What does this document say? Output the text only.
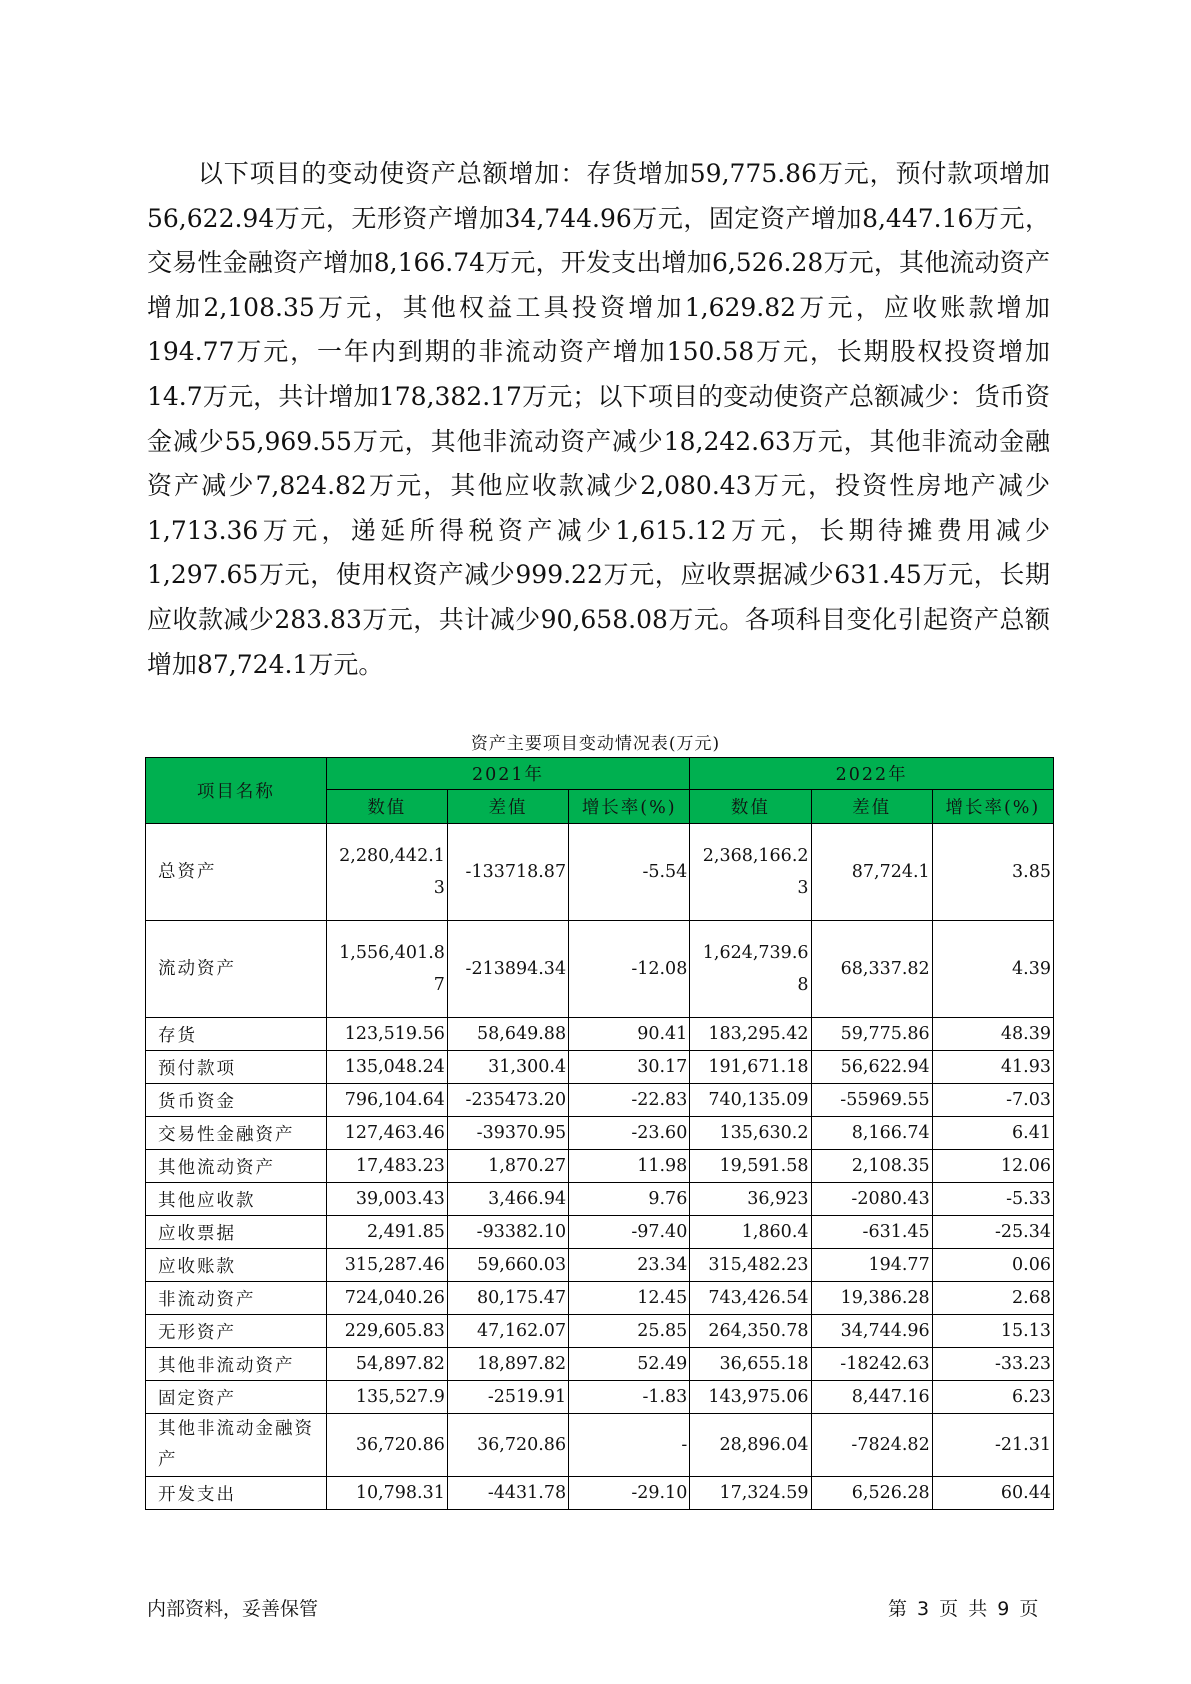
以下项目的变动使资产总额增加：存货增加59,775.86万元，预付款项增加56,622.94万元，无形资产增加34,744.96万元，固定资产增加8,447.16万元，交易性金融资产增加8,166.74万元，开发支出增加6,526.28万元，其他流动资产增加2,108.35万元，其他权益工具投资增加1,629.82万元，应收账款增加194.77万元，一年内到期的非流动资产增加150.58万元，长期股权投资增加14.7万元，共计增加178,382.17万元；以下项目的变动使资产总额减少：货币资金减少55,969.55万元，其他非流动资产减少18,242.63万元，其他非流动金融资产减少7,824.82万元，其他应收款减少2,080.43万元，投资性房地产减少1,713.36万元，递延所得税资产减少1,615.12万元，长期待摊费用减少1,297.65万元，使用权资产减少999.22万元，应收票据减少631.45万元，长期应收款减少283.83万元，共计减少90,658.08万元。各项科目变化引起资产总额增加87,724.1万元。

资产主要项目变动情况表(万元)
项目名称	2021年			2022年		
	数值	差值	增长率(%)	数值	差值	增长率(%)
总资产	2,280,442.13	-133718.87	-5.54	2,368,166.23	87,724.1	3.85
流动资产	1,556,401.87	-213894.34	-12.08	1,624,739.68	68,337.82	4.39
存货	123,519.56	58,649.88	90.41	183,295.42	59,775.86	48.39
预付款项	135,048.24	31,300.4	30.17	191,671.18	56,622.94	41.93
货币资金	796,104.64	-235473.20	-22.83	740,135.09	-55969.55	-7.03
交易性金融资产	127,463.46	-39370.95	-23.60	135,630.2	8,166.74	6.41
其他流动资产	17,483.23	1,870.27	11.98	19,591.58	2,108.35	12.06
其他应收款	39,003.43	3,466.94	9.76	36,923	-2080.43	-5.33
应收票据	2,491.85	-93382.10	-97.40	1,860.4	-631.45	-25.34
应收账款	315,287.46	59,660.03	23.34	315,482.23	194.77	0.06
非流动资产	724,040.26	80,175.47	12.45	743,426.54	19,386.28	2.68
无形资产	229,605.83	47,162.07	25.85	264,350.78	34,744.96	15.13
其他非流动资产	54,897.82	18,897.82	52.49	36,655.18	-18242.63	-33.23
固定资产	135,527.9	-2519.91	-1.83	143,975.06	8,447.16	6.23
其他非流动金融资产	36,720.86	36,720.86	-	28,896.04	-7824.82	-21.31
开发支出	10,798.31	-4431.78	-29.10	17,324.59	6,526.28	60.44
内部资料，妥善保管	第 3 页 共 9 页
